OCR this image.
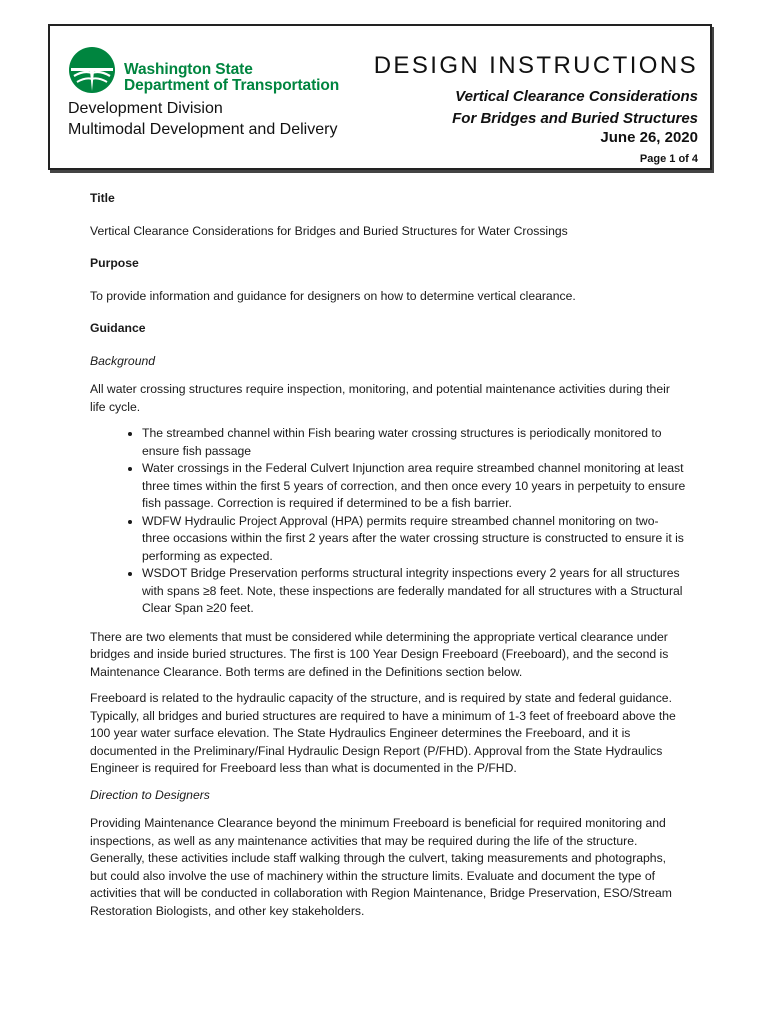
Washington State
Department of Transportation
Development Division
Multimodal Development and Delivery
DESIGN INSTRUCTIONS
Vertical Clearance Considerations
For Bridges and Buried Structures
June 26, 2020
Page 1 of 4
Title
Vertical Clearance Considerations for Bridges and Buried Structures for Water Crossings
Purpose
To provide information and guidance for designers on how to determine vertical clearance.
Guidance
Background
All water crossing structures require inspection, monitoring, and potential maintenance activities during their life cycle.
• The streambed channel within Fish bearing water crossing structures is periodically monitored to ensure fish passage
• Water crossings in the Federal Culvert Injunction area require streambed channel monitoring at least three times within the first 5 years of correction, and then once every 10 years in perpetuity to ensure fish passage. Correction is required if determined to be a fish barrier.
• WDFW Hydraulic Project Approval (HPA) permits require streambed channel monitoring on two-three occasions within the first 2 years after the water crossing structure is constructed to ensure it is performing as expected.
• WSDOT Bridge Preservation performs structural integrity inspections every 2 years for all structures with spans ≥8 feet. Note, these inspections are federally mandated for all structures with a Structural Clear Span ≥20 feet.
There are two elements that must be considered while determining the appropriate vertical clearance under bridges and inside buried structures. The first is 100 Year Design Freeboard (Freeboard), and the second is Maintenance Clearance. Both terms are defined in the Definitions section below.
Freeboard is related to the hydraulic capacity of the structure, and is required by state and federal guidance. Typically, all bridges and buried structures are required to have a minimum of 1-3 feet of freeboard above the 100 year water surface elevation. The State Hydraulics Engineer determines the Freeboard, and it is documented in the Preliminary/Final Hydraulic Design Report (P/FHD). Approval from the State Hydraulics Engineer is required for Freeboard less than what is documented in the P/FHD.
Direction to Designers
Providing Maintenance Clearance beyond the minimum Freeboard is beneficial for required monitoring and inspections, as well as any maintenance activities that may be required during the life of the structure. Generally, these activities include staff walking through the culvert, taking measurements and photographs, but could also involve the use of machinery within the structure limits. Evaluate and document the type of activities that will be conducted in collaboration with Region Maintenance, Bridge Preservation, ESO/Stream Restoration Biologists, and other key stakeholders.
